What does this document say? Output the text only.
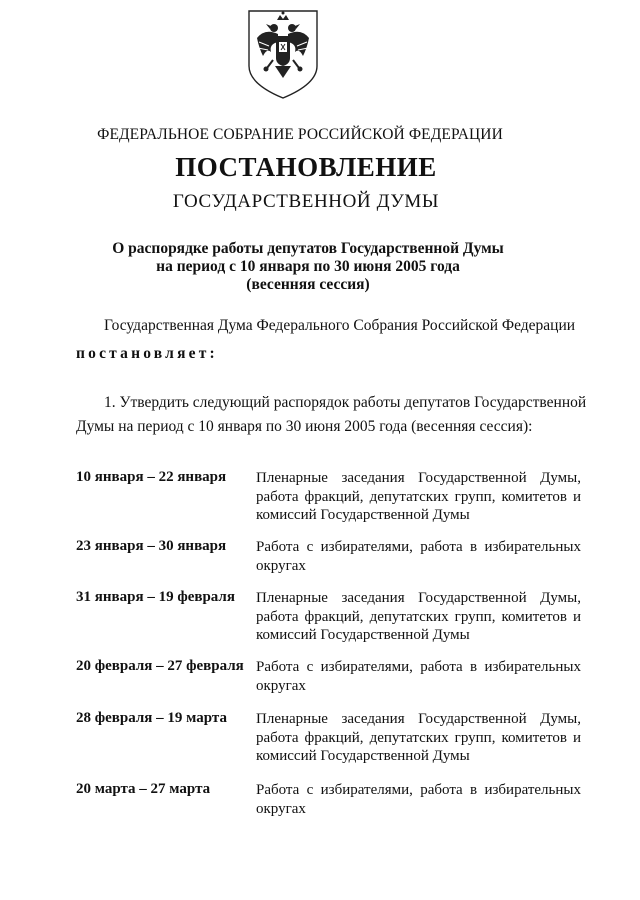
ФЕДЕРАЛЬНОЕ СОБРАНИЕ РОССИЙСКОЙ ФЕДЕРАЦИИ
ПОСТАНОВЛЕНИЕ
ГОСУДАРСТВЕННОЙ ДУМЫ
О распорядке работы депутатов Государственной Думы
на период с 10 января по 30 июня 2005 года
(весенняя сессия)
Государственная Дума Федерального Собрания Российской Федерации
постановляет:
1. Утвердить следующий распорядок работы депутатов Государственной
Думы на период с 10 января по 30 июня 2005 года (весенняя сессия):
10 января – 22 января Пленарные заседания Государственной Думы,
работа фракций, депутатских групп, комитетов и
комиссий Государственной Думы
23 января – 30 января Работа с избирателями, работа в избирательных
округах
31 января – 19 февраля Пленарные заседания Государственной Думы,
работа фракций, депутатских групп, комитетов и
комиссий Государственной Думы
20 февраля – 27 февраля Работа с избирателями, работа в избирательных
округах
28 февраля – 19 марта Пленарные заседания Государственной Думы,
работа фракций, депутатских групп, комитетов и
комиссий Государственной Думы
20 марта – 27 марта	Работа с избирателями, работа в избирательных
округах
